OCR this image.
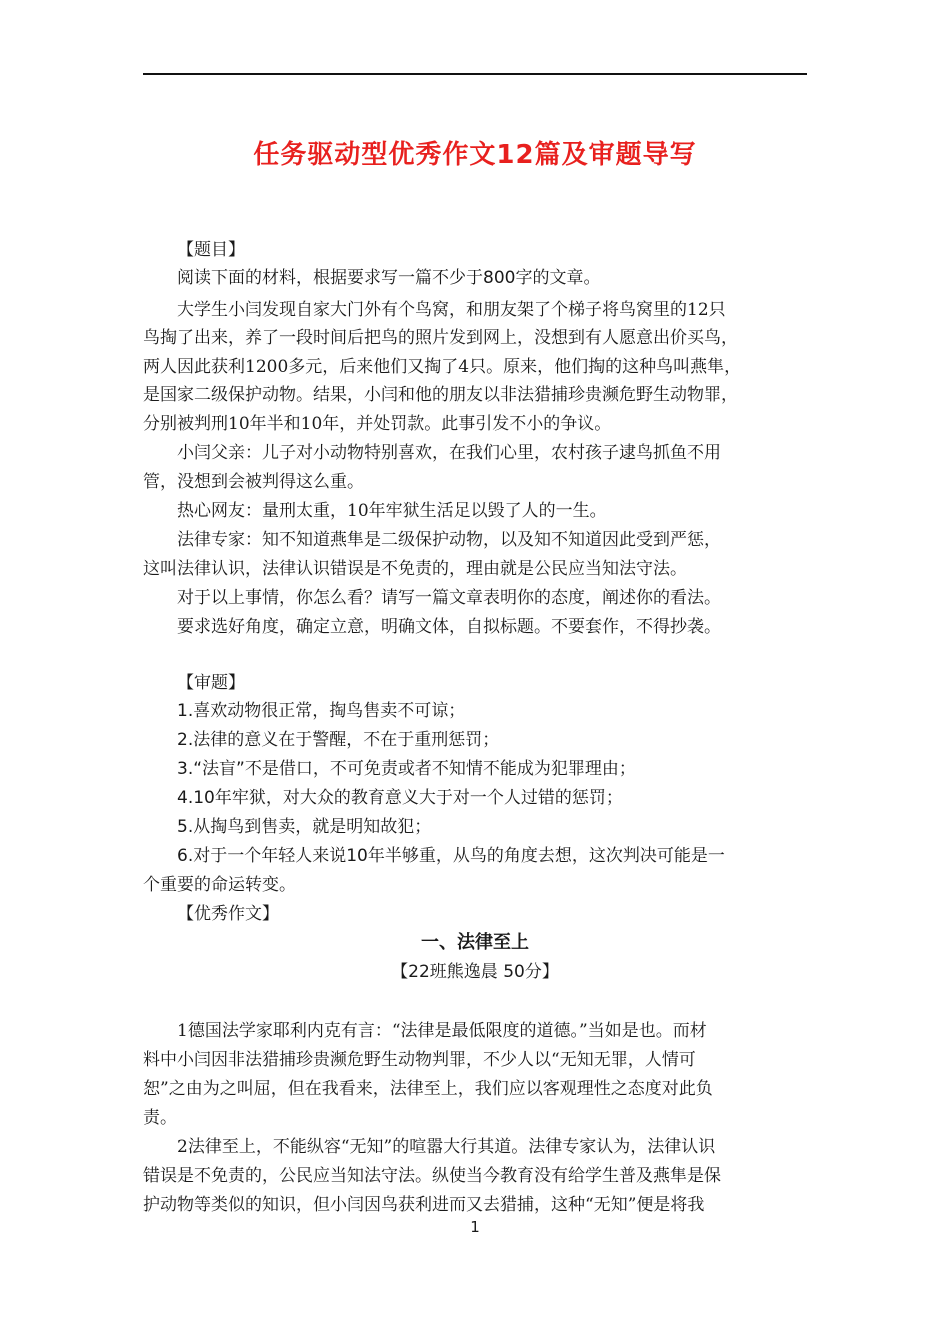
任务驱动型优秀作文12篇及审题导写
【题目】
阅读下面的材料，根据要求写一篇不少于800字的文章。
大学生小闫发现自家大门外有个鸟窝，和朋友架了个梯子将鸟窝里的12只
鸟掏了出来，养了一段时间后把鸟的照片发到网上，没想到有人愿意出价买鸟，
两人因此获利1200多元，后来他们又掏了4只。原来，他们掏的这种鸟叫燕隼，
是国家二级保护动物。结果，小闫和他的朋友以非法猎捕珍贵濒危野生动物罪，
分别被判刑10年半和10年，并处罚款。此事引发不小的争议。
小闫父亲：儿子对小动物特别喜欢，在我们心里，农村孩子逮鸟抓鱼不用
管，没想到会被判得这么重。
热心网友：量刑太重，10年牢狱生活足以毁了人的一生。
法律专家：知不知道燕隼是二级保护动物，以及知不知道因此受到严惩，
这叫法律认识，法律认识错误是不免责的，理由就是公民应当知法守法。
对于以上事情，你怎么看？请写一篇文章表明你的态度，阐述你的看法。
要求选好角度，确定立意，明确文体，自拟标题。不要套作，不得抄袭。
【审题】
1.喜欢动物很正常，掏鸟售卖不可谅；
2.法律的意义在于警醒，不在于重刑惩罚；
3.“法盲”不是借口，不可免责或者不知情不能成为犯罪理由；
4.10年牢狱，对大众的教育意义大于对一个人过错的惩罚；
5.从掏鸟到售卖，就是明知故犯；
6.对于一个年轻人来说10年半够重，从鸟的角度去想，这次判决可能是一
个重要的命运转变。
【优秀作文】
一、法律至上
【22班熊逸晨 50分】
1德国法学家耶利内克有言：“法律是最低限度的道德。”当如是也。而材
料中小闫因非法猎捕珍贵濒危野生动物判罪，不少人以“无知无罪，人情可
恕”之由为之叫屈，但在我看来，法律至上，我们应以客观理性之态度对此负
责。
2法律至上，不能纵容“无知”的喧嚣大行其道。法律专家认为，法律认识
错误是不免责的，公民应当知法守法。纵使当今教育没有给学生普及燕隼是保
护动物等类似的知识，但小闫因鸟获利进而又去猎捕，这种“无知”便是将我
1
